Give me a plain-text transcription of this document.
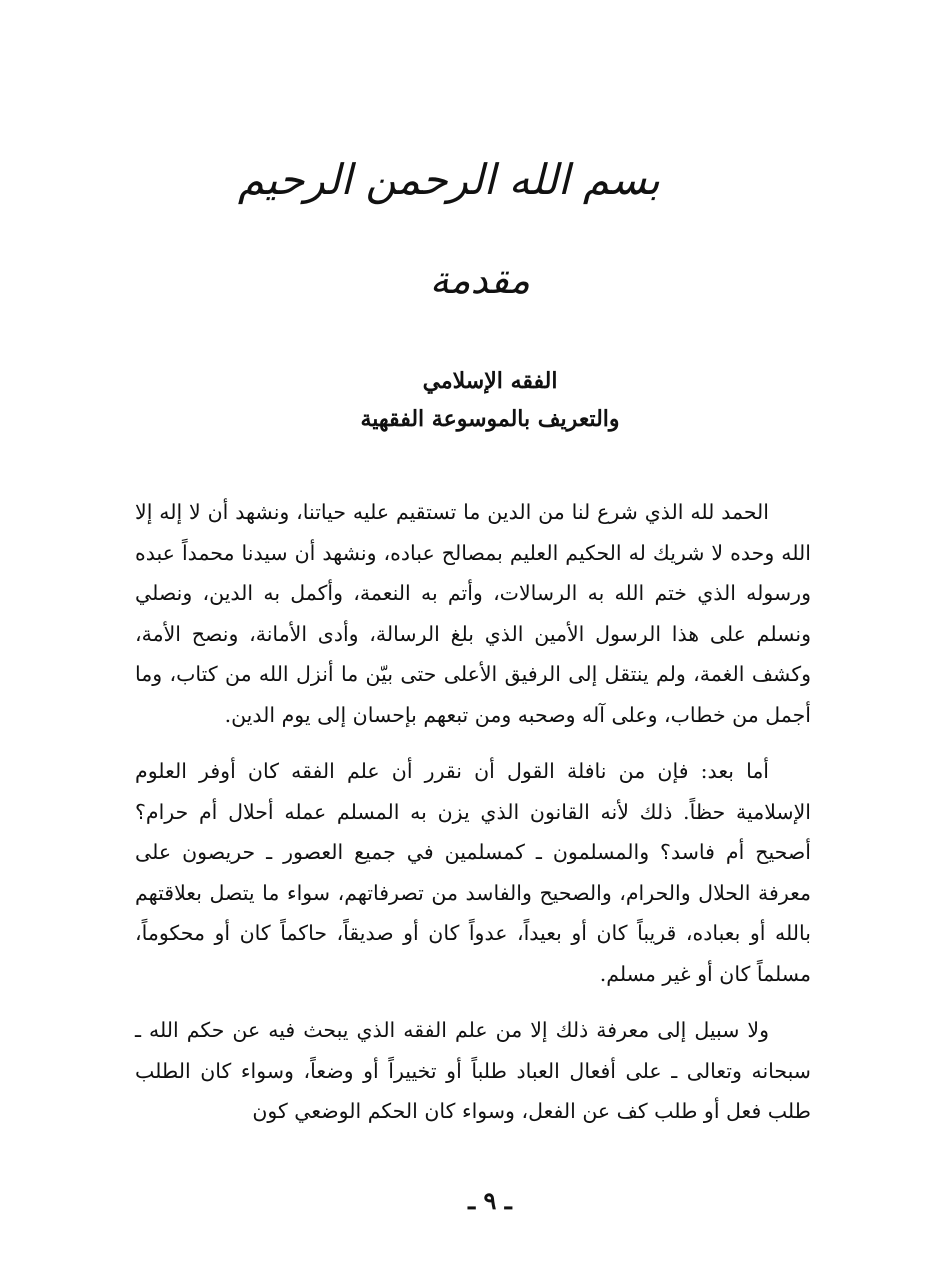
بسم الله الرحمن الرحيم
مقدمة
الفقه الإسلامي
والتعريف بالموسوعة الفقهية

الحمد لله الذي شرع لنا من الدين ما تستقيم عليه حياتنا، ونشهد أن لا إله إلا الله وحده لا شريك له الحكيم العليم بمصالح عباده، ونشهد أن سيدنا محمداً عبده ورسوله الذي ختم الله به الرسالات، وأتم به النعمة، وأكمل به الدين، ونصلي ونسلم على هذا الرسول الأمين الذي بلغ الرسالة، وأدى الأمانة، ونصح الأمة، وكشف الغمة، ولم ينتقل إلى الرفيق الأعلى حتى بيّن ما أنزل الله من كتاب، وما أجمل من خطاب، وعلى آله وصحبه ومن تبعهم بإحسان إلى يوم الدين.

أما بعد: فإن من نافلة القول أن نقرر أن علم الفقه كان أوفر العلوم الإسلامية حظاً. ذلك لأنه القانون الذي يزن به المسلم عمله أحلال أم حرام؟ أصحيح أم فاسد؟ والمسلمون ـ كمسلمين في جميع العصور ـ حريصون على معرفة الحلال والحرام، والصحيح والفاسد من تصرفاتهم، سواء ما يتصل بعلاقتهم بالله أو بعباده، قريباً كان أو بعيداً، عدواً كان أو صديقاً، حاكماً كان أو محكوماً، مسلماً كان أو غير مسلم.

ولا سبيل إلى معرفة ذلك إلا من علم الفقه الذي يبحث فيه عن حكم الله ـ سبحانه وتعالى ـ على أفعال العباد طلباً أو تخييراً أو وضعاً، وسواء كان الطلب طلب فعل أو طلب كف عن الفعل، وسواء كان الحكم الوضعي كون

ـ ٩ ـ
